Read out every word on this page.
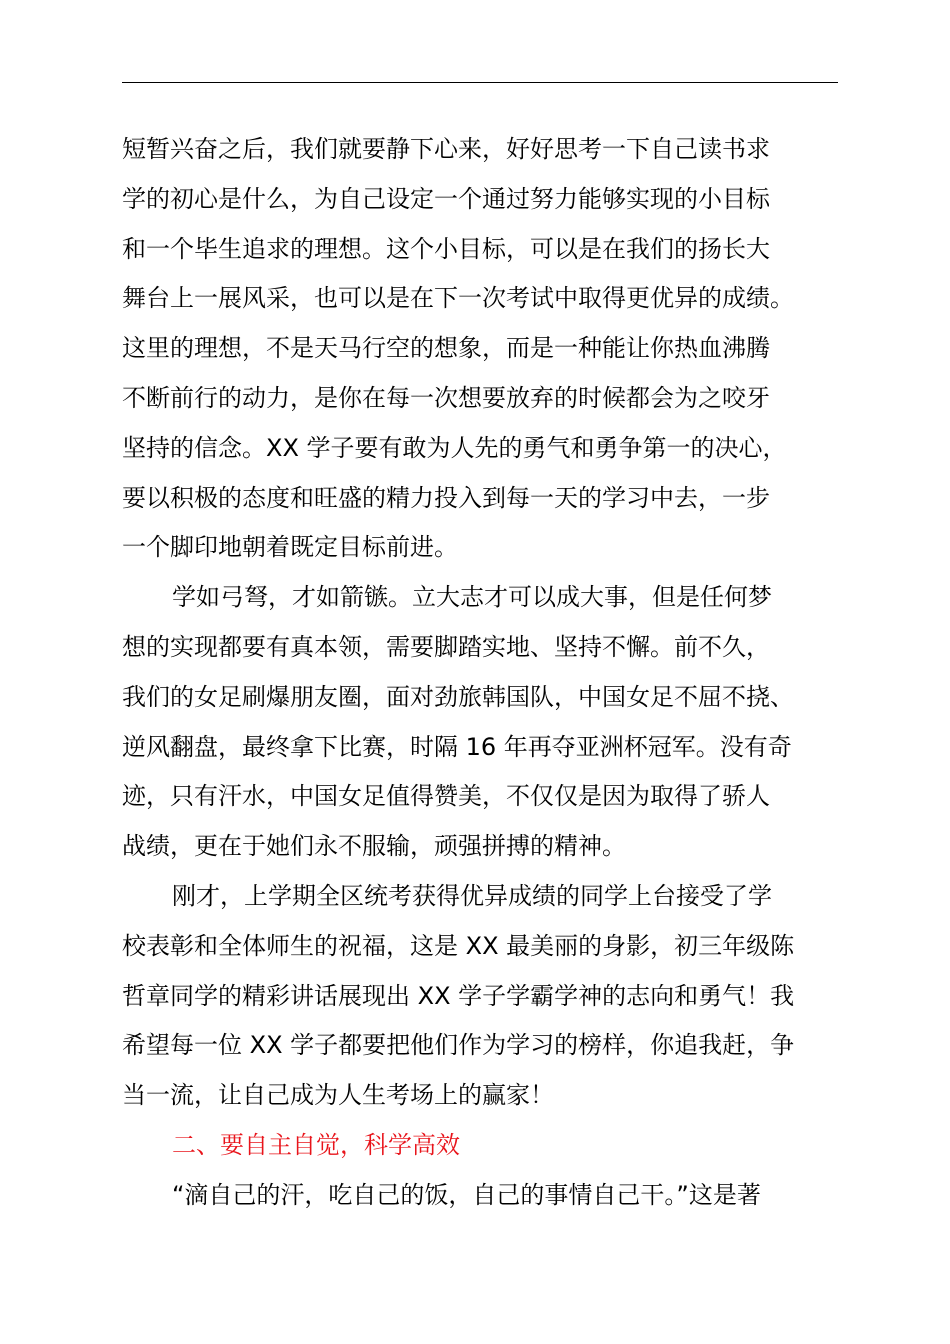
短暂兴奋之后，我们就要静下心来，好好思考一下自己读书求
学的初心是什么，为自己设定一个通过努力能够实现的小目标
和一个毕生追求的理想。这个小目标，可以是在我们的扬长大
舞台上一展风采，也可以是在下一次考试中取得更优异的成绩。
这里的理想，不是天马行空的想象，而是一种能让你热血沸腾
不断前行的动力，是你在每一次想要放弃的时候都会为之咬牙
坚持的信念。XX 学子要有敢为人先的勇气和勇争第一的决心，
要以积极的态度和旺盛的精力投入到每一天的学习中去，一步
一个脚印地朝着既定目标前进。
学如弓弩，才如箭镞。立大志才可以成大事，但是任何梦
想的实现都要有真本领，需要脚踏实地、坚持不懈。前不久，
我们的女足刷爆朋友圈，面对劲旅韩国队，中国女足不屈不挠、
逆风翻盘，最终拿下比赛，时隔 16 年再夺亚洲杯冠军。没有奇
迹，只有汗水，中国女足值得赞美，不仅仅是因为取得了骄人
战绩，更在于她们永不服输，顽强拼搏的精神。
刚才，上学期全区统考获得优异成绩的同学上台接受了学
校表彰和全体师生的祝福，这是 XX 最美丽的身影，初三年级陈
哲章同学的精彩讲话展现出 XX 学子学霸学神的志向和勇气！我
希望每一位 XX 学子都要把他们作为学习的榜样，你追我赶，争
当一流，让自己成为人生考场上的赢家！
二、要自主自觉，科学高效
“滴自己的汗，吃自己的饭，自己的事情自己干。”这是著
